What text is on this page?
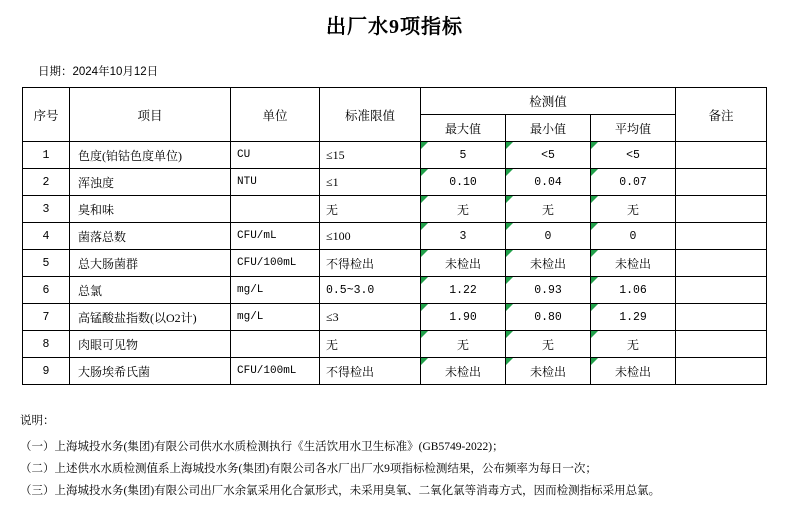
出厂水9项指标
日期：2024年10月12日
序号	项目	单位	标准限值	检测值			备注
				最大值	最小值	平均值	
1	色度(铂钴色度单位)	CU	≤15	5	<5	<5	
2	浑浊度	NTU	≤1	0.10	0.04	0.07	
3	臭和味		无	无	无	无	
4	菌落总数	CFU/mL	≤100	3	0	0	
5	总大肠菌群	CFU/100mL	不得检出	未检出	未检出	未检出	
6	总氯	mg/L	0.5~3.0	1.22	0.93	1.06	
7	高锰酸盐指数(以O2计)	mg/L	≤3	1.90	0.80	1.29	
8	肉眼可见物		无	无	无	无	
9	大肠埃希氏菌	CFU/100mL	不得检出	未检出	未检出	未检出	
说明：
（一）上海城投水务(集团)有限公司供水水质检测执行《生活饮用水卫生标准》(GB5749-2022)；
（二）上述供水水质检测值系上海城投水务(集团)有限公司各水厂出厂水9项指标检测结果，公布频率为每日一次；
（三）上海城投水务(集团)有限公司出厂水余氯采用化合氯形式，未采用臭氧、二氧化氯等消毒方式，因而检测指标采用总氯。
